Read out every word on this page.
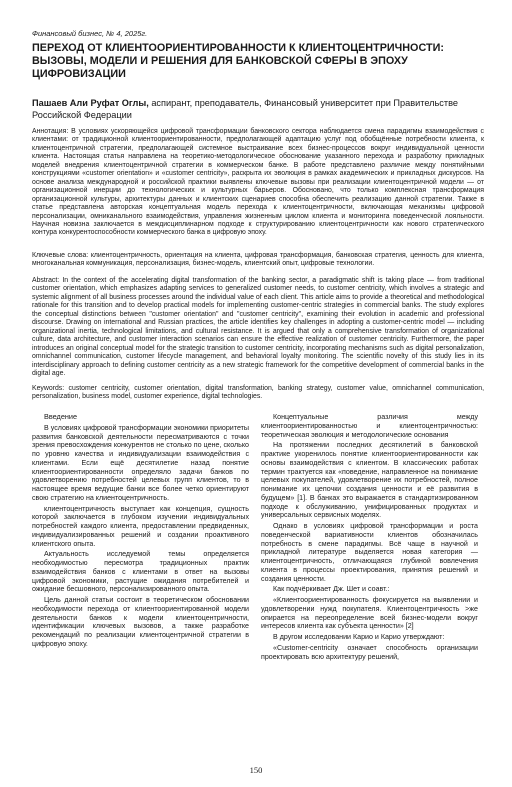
Финансовый бизнес, № 4, 2025г.
ПЕРЕХОД ОТ КЛИЕНТООРИЕНТИРОВАННОСТИ К КЛИЕНТОЦЕНТРИЧНОСТИ: ВЫЗОВЫ, МОДЕЛИ И РЕШЕНИЯ ДЛЯ БАНКОВСКОЙ СФЕРЫ В ЭПОХУ ЦИФРОВИЗАЦИИ
Пашаев Али Руфат Оглы, аспирант, преподаватель, Финансовый университет при Правительстве Российской Федерации

Аннотация: В условиях ускоряющейся цифровой трансформации банковского сектора наблюдается смена парадигмы взаимодействия с клиентами: от традиционной клиентоориентированности, предполагающей адаптацию услуг под обобщённые потребности клиента, к клиентоцентричной стратегии, предполагающей системное выстраивание всех бизнес-процессов вокруг индивидуальной ценности клиента. Настоящая статья направлена на теоретико-методологическое обоснование указанного перехода и разработку прикладных моделей внедрения клиентоцентричной стратегии в коммерческом банке. В работе представлено различие между понятийными конструкциями «customer orientation» и «customer centricity», раскрыта их эволюция в рамках академических и прикладных дискурсов. На основе анализа международной и российской практики выявлены ключевые вызовы при реализации клиентоцентричной модели — от организационной инерции до технологических и культурных барьеров. Обосновано, что только комплексная трансформация организационной культуры, архитектуры данных и клиентских сценариев способна обеспечить реализацию данной стратегии. Также в статье представлена авторская концептуальная модель перехода к клиентоцентричности, включающая механизмы цифровой персонализации, омниканального взаимодействия, управления жизненным циклом клиента и мониторинга поведенческой лояльности. Научная новизна заключается в междисциплинарном подходе к структурированию клиентоцентричности как нового стратегического контура конкурентоспособности коммерческого банка в цифровую эпоху.

Ключевые слова: клиентоцентричность, ориентация на клиента, цифровая трансформация, банковская стратегия, ценность для клиента, многоканальная коммуникация, персонализация, бизнес-модель, клиентский опыт, цифровые технологии.

Abstract: In the context of the accelerating digital transformation of the banking sector, a paradigmatic shift is taking place — from traditional customer orientation, which emphasizes adapting services to generalized customer needs, to customer centricity, which involves a strategic and systemic alignment of all business processes around the individual value of each client. This article aims to provide a theoretical and methodological rationale for this transition and to develop practical models for implementing customer-centric strategies in commercial banks. The study explores the conceptual distinctions between "customer orientation" and "customer centricity", examining their evolution in academic and professional discourse. Drawing on international and Russian practices, the article identifies key challenges in adopting a customer-centric model — including organizational inertia, technological limitations, and cultural resistance. It is argued that only a comprehensive transformation of organizational culture, data architecture, and customer interaction scenarios can ensure the effective realization of customer centricity. Furthermore, the paper introduces an original conceptual model for the strategic transition to customer centricity, incorporating mechanisms such as digital personalization, omnichannel communication, customer lifecycle management, and behavioral loyalty monitoring. The scientific novelty of this study lies in its interdisciplinary approach to defining customer centricity as a new strategic framework for the competitive development of commercial banks in the digital age.

Keywords: customer centricity, customer orientation, digital transformation, banking strategy, customer value, omnichannel communication, personalization, business model, customer experience, digital technologies.

Введение

В условиях цифровой трансформации экономики приоритеты развития банковской деятельности пересматриваются с точки зрения превосхождения конкурентов не столько по цене, сколько по уровню качества и индивидуализации взаимодействия с клиентами. Если ещё десятилетие назад понятие клиентоориентированности определяло задачи банков по удовлетворению потребностей целевых групп клиентов, то в настоящее время ведущие банки все более четко ориентируют свою стратегию на клиентоцентричность.

клиентоцентричность выступает как концепция, сущность которой заключается в глубоком изучении индивидуальных потребностей каждого клиента, предоставлении предвиденных, индивидуализированных решений и создании проактивного клиентского опыта.

Актуальность исследуемой темы определяется необходимостью пересмотра традиционных практик взаимодействия банков с клиентами в ответ на вызовы цифровой экономики, растущие ожидания потребителей и ожидание бесшовного, персонализированного опыта.

Цель данной статьи состоит в теоретическом обосновании необходимости перехода от клиентоориентированной модели деятельности банков к модели клиентоцентричности, идентификации ключевых вызовов, а также разработке рекомендаций по реализации клиентоцентричной стратегии в цифровую эпоху.

Концептуальные различия между клиентоориентированностью и клиентоцентричностью: теоретическая эволюция и методологические основания

На протяжении последних десятилетий в банковской практике укоренилось понятие клиентоориентированности как основы взаимодействия с клиентом. В классических работах термин трактуется как «поведение, направленное на понимание целевых покупателей, удовлетворение их потребностей, полное понимание их цепочки создания ценности и её развития в будущем» [1]. В банках это выражается в стандартизированном подходе к обслуживанию, унифицированных продуктах и универсальных сервисных моделях.

Однако в условиях цифровой трансформации и роста поведенческой вариативности клиентов обозначилась потребность в смене парадигмы. Всё чаще в научной и прикладной литературе выделяется новая категория — клиентоцентричность, отличающаяся глубиной вовлечения клиента в процессы проектирования, принятия решений и создания ценности.

Как подчёркивает Дж. Шет и соавт.:

«Клиентоориентированность фокусируется на выявлении и удовлетворении нужд покупателя. Клиентоцентричность >же опирается на переопределение всей бизнес-модели вокруг интересов клиента как субъекта ценности» [2]

В другом исследовании Карио и Карио утверждают:

«Customer-centricity означает способность организации проектировать всю архитектуру решений,

150
